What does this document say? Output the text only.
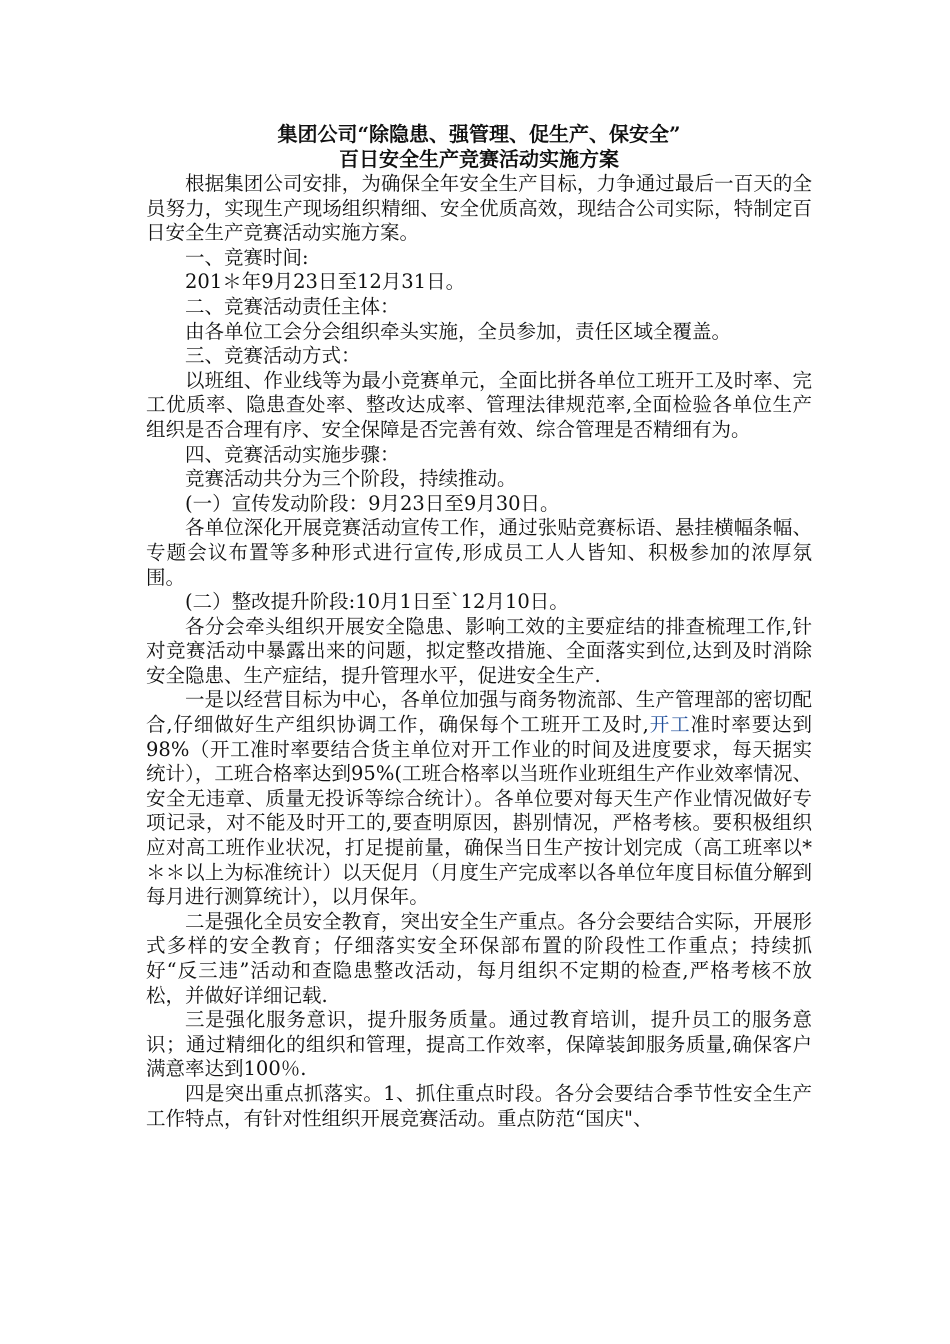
集团公司“除隐患、强管理、促生产、保安全”

百日安全生产竞赛活动实施方案

根据集团公司安排，为确保全年安全生产目标，力争通过最后一百天的全员努力，实现生产现场组织精细、安全优质高效，现结合公司实际，特制定百日安全生产竞赛活动实施方案。

一、竞赛时间:

201＊年9月23日至12月31日。

二、竞赛活动责任主体：

由各单位工会分会组织牵头实施，全员参加，责任区域全覆盖。

三、竞赛活动方式：

以班组、作业线等为最小竞赛单元，全面比拼各单位工班开工及时率、完工优质率、隐患查处率、整改达成率、管理法律规范率,全面检验各单位生产组织是否合理有序、安全保障是否完善有效、综合管理是否精细有为。

四、竞赛活动实施步骤：

竞赛活动共分为三个阶段，持续推动。

(一）宣传发动阶段：9月23日至9月30日。

各单位深化开展竞赛活动宣传工作，通过张贴竞赛标语、悬挂横幅条幅、专题会议布置等多种形式进行宣传,形成员工人人皆知、积极参加的浓厚氛围。

(二）整改提升阶段:10月1日至`12月10日。

各分会牵头组织开展安全隐患、影响工效的主要症结的排查梳理工作,针对竞赛活动中暴露出来的问题，拟定整改措施、全面落实到位,达到及时消除安全隐患、生产症结，提升管理水平，促进安全生产.

一是以经营目标为中心，各单位加强与商务物流部、生产管理部的密切配合,仔细做好生产组织协调工作，确保每个工班开工及时,开工准时率要达到98%（开工准时率要结合货主单位对开工作业的时间及进度要求，每天据实统计），工班合格率达到95%(工班合格率以当班作业班组生产作业效率情况、安全无违章、质量无投诉等综合统计）。各单位要对每天生产作业情况做好专项记录，对不能及时开工的,要查明原因，斟别情况，严格考核。要积极组织应对高工班作业状况，打足提前量，确保当日生产按计划完成（高工班率以*＊＊以上为标准统计）以天促月（月度生产完成率以各单位年度目标值分解到每月进行测算统计），以月保年。

二是强化全员安全教育，突出安全生产重点。各分会要结合实际，开展形式多样的安全教育；仔细落实安全环保部布置的阶段性工作重点；持续抓好“反三违”活动和查隐患整改活动，每月组织不定期的检查,严格考核不放松，并做好详细记载.

三是强化服务意识，提升服务质量。通过教育培训，提升员工的服务意识；通过精细化的组织和管理，提高工作效率，保障装卸服务质量,确保客户满意率达到100％.

四是突出重点抓落实。1、抓住重点时段。各分会要结合季节性安全生产工作特点，有针对性组织开展竞赛活动。重点防范“国庆"、
